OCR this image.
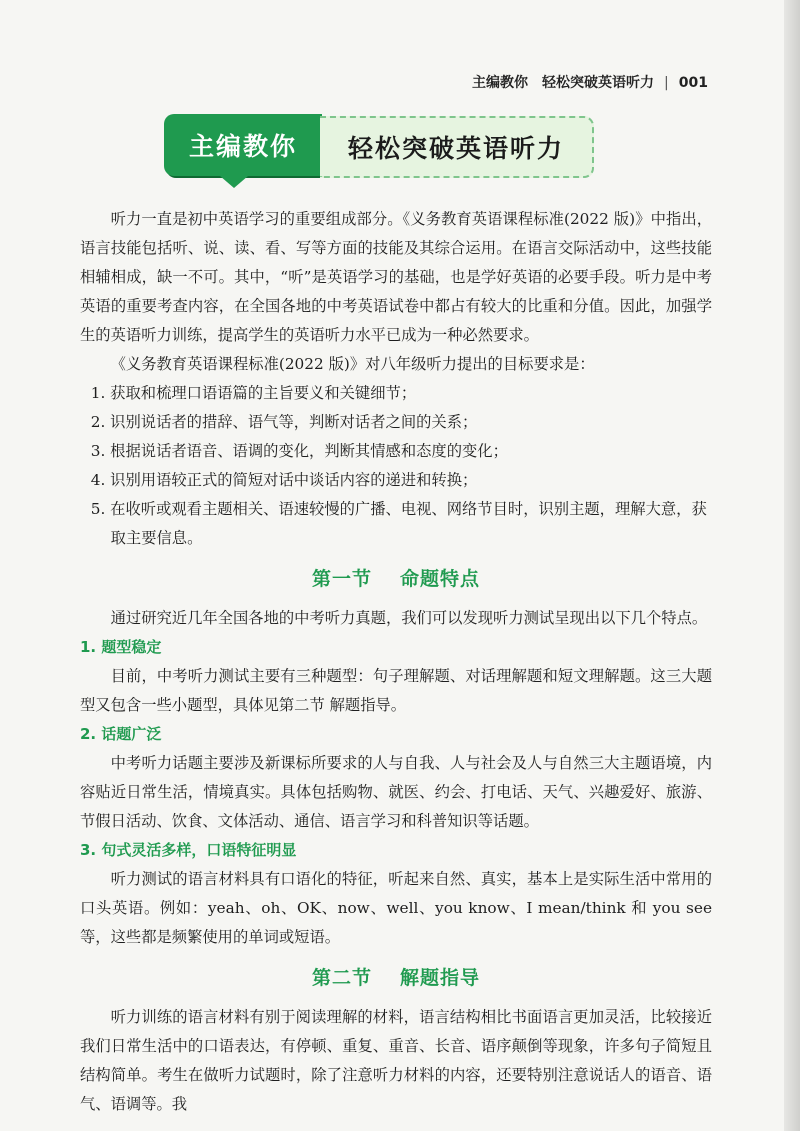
主编教你　轻松突破英语听力 | 001
主编教你	轻松突破英语听力

听力一直是初中英语学习的重要组成部分。《义务教育英语课程标准(2022 版)》中指出，语言技能包括听、说、读、看、写等方面的技能及其综合运用。在语言交际活动中，这些技能相辅相成，缺一不可。其中，“听”是英语学习的基础，也是学好英语的必要手段。听力是中考英语的重要考查内容，在全国各地的中考英语试卷中都占有较大的比重和分值。因此，加强学生的英语听力训练，提高学生的英语听力水平已成为一种必然要求。

《义务教育英语课程标准(2022 版)》对八年级听力提出的目标要求是：

1. 获取和梳理口语语篇的主旨要义和关键细节；

2. 识别说话者的措辞、语气等，判断对话者之间的关系；

3. 根据说话者语音、语调的变化，判断其情感和态度的变化；

4. 识别用语较正式的简短对话中谈话内容的递进和转换；

5. 在收听或观看主题相关、语速较慢的广播、电视、网络节目时，识别主题，理解大意，获取主要信息。

第一节 命题特点

通过研究近几年全国各地的中考听力真题，我们可以发现听力测试呈现出以下几个特点。

1. 题型稳定

目前，中考听力测试主要有三种题型：句子理解题、对话理解题和短文理解题。这三大题型又包含一些小题型，具体见第二节 解题指导。

2. 话题广泛

中考听力话题主要涉及新课标所要求的人与自我、人与社会及人与自然三大主题语境，内容贴近日常生活，情境真实。具体包括购物、就医、约会、打电话、天气、兴趣爱好、旅游、节假日活动、饮食、文体活动、通信、语言学习和科普知识等话题。

3. 句式灵活多样，口语特征明显

听力测试的语言材料具有口语化的特征，听起来自然、真实，基本上是实际生活中常用的口头英语。例如：yeah、oh、OK、now、well、you know、I mean/think 和 you see 等，这些都是频繁使用的单词或短语。

第二节 解题指导

听力训练的语言材料有别于阅读理解的材料，语言结构相比书面语言更加灵活，比较接近我们日常生活中的口语表达，有停顿、重复、重音、长音、语序颠倒等现象，许多句子简短且结构简单。考生在做听力试题时，除了注意听力材料的内容，还要特别注意说话人的语音、语气、语调等。我
